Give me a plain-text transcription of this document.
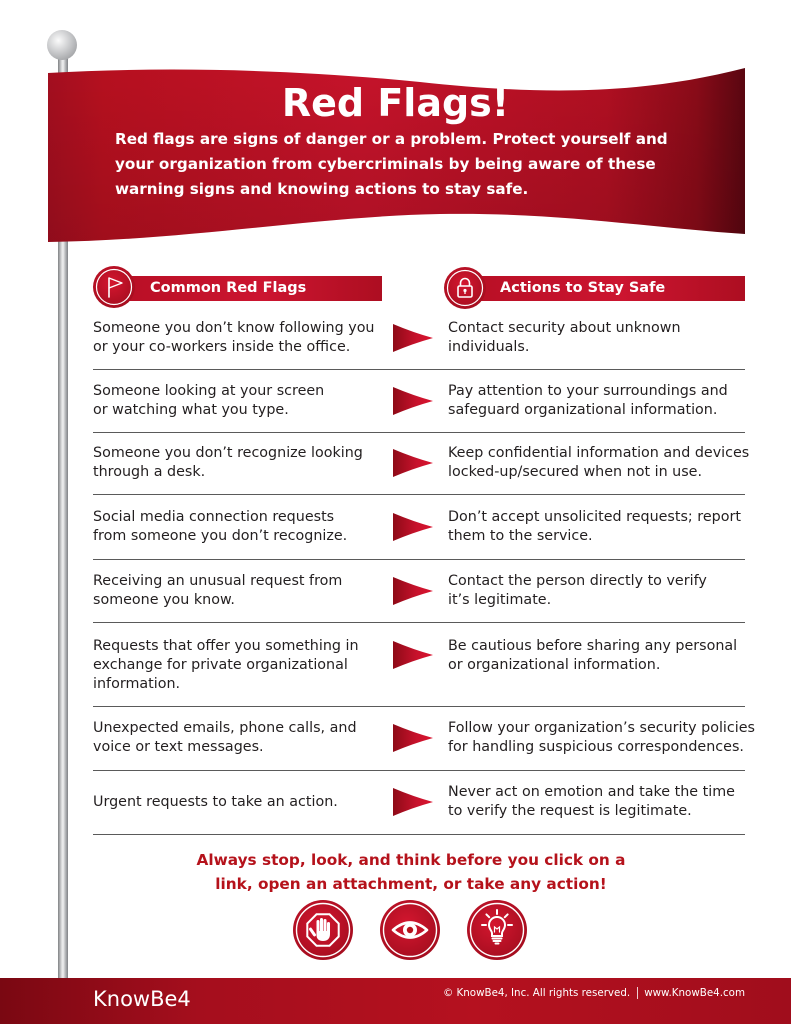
Red Flags!

Red flags are signs of danger or a problem. Protect yourself and
your organization from cybercriminals by being aware of these
warning signs and knowing actions to stay safe.

Common Red Flags	Actions to Stay Safe
Someone you don’t know following you
or your co-workers inside the office.
Contact security about unknown
individuals.
Someone looking at your screen
or watching what you type.
Pay attention to your surroundings and
safeguard organizational information.
Someone you don’t recognize looking
through a desk.
Keep confidential information and devices
locked-up/secured when not in use.
Social media connection requests
from someone you don’t recognize.
Don’t accept unsolicited requests; report
them to the service.
Receiving an unusual request from
someone you know.
Contact the person directly to verify
it’s legitimate.
Requests that offer you something in
exchange for private organizational
information.
Be cautious before sharing any personal
or organizational information.
Unexpected emails, phone calls, and
voice or text messages.
Follow your organization’s security policies
for handling suspicious correspondences.
Urgent requests to take an action.
Never act on emotion and take the time
to verify the request is legitimate.
Always stop, look, and think before you click on a
link, open an attachment, or take any action!
KnowBe4	© KnowBe4, Inc. All rights reserved. www.KnowBe4.com
